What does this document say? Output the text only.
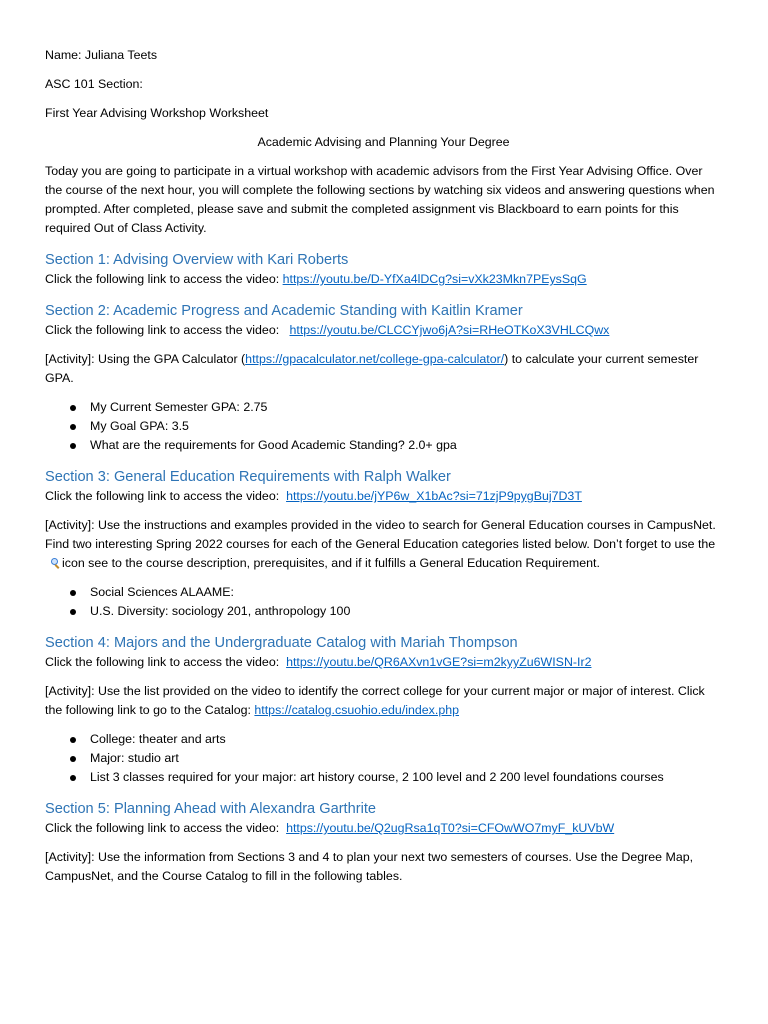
Name: Juliana Teets

ASC 101 Section:

First Year Advising Workshop Worksheet

Academic Advising and Planning Your Degree

Today you are going to participate in a virtual workshop with academic advisors from the First Year Advising Office. Over the course of the next hour, you will complete the following sections by watching six videos and answering questions when prompted. After completed, please save and submit the completed assignment vis Blackboard to earn points for this required Out of Class Activity.

Section 1: Advising Overview with Kari Roberts

Click the following link to access the video: https://youtu.be/D-YfXa4lDCg?si=vXk23Mkn7PEysSqG

Section 2: Academic Progress and Academic Standing with Kaitlin Kramer

Click the following link to access the video:   https://youtu.be/CLCCYjwo6jA?si=RHeOTKoX3VHLCQwx

[Activity]: Using the GPA Calculator (https://gpacalculator.net/college-gpa-calculator/) to calculate your current semester GPA.

My Current Semester GPA: 2.75
My Goal GPA: 3.5
What are the requirements for Good Academic Standing? 2.0+ gpa
Section 3: General Education Requirements with Ralph Walker

Click the following link to access the video:  https://youtu.be/jYP6w_X1bAc?si=71zjP9pygBuj7D3T

[Activity]: Use the instructions and examples provided in the video to search for General Education courses in CampusNet. Find two interesting Spring 2022 courses for each of the General Education categories listed below. Don’t forget to use the icon see to the course description, prerequisites, and if it fulfills a General Education Requirement.

Social Sciences ALAAME:
U.S. Diversity: sociology 201, anthropology 100
Section 4: Majors and the Undergraduate Catalog with Mariah Thompson

Click the following link to access the video:  https://youtu.be/QR6AXvn1vGE?si=m2kyyZu6WISN-Ir2

[Activity]: Use the list provided on the video to identify the correct college for your current major or major of interest. Click the following link to go to the Catalog: https://catalog.csuohio.edu/index.php

College: theater and arts
Major: studio art
List 3 classes required for your major: art history course, 2 100 level and 2 200 level foundations courses
Section 5: Planning Ahead with Alexandra Garthrite

Click the following link to access the video:  https://youtu.be/Q2ugRsa1qT0?si=CFOwWO7myF_kUVbW

[Activity]: Use the information from Sections 3 and 4 to plan your next two semesters of courses. Use the Degree Map, CampusNet, and the Course Catalog to fill in the following tables.
